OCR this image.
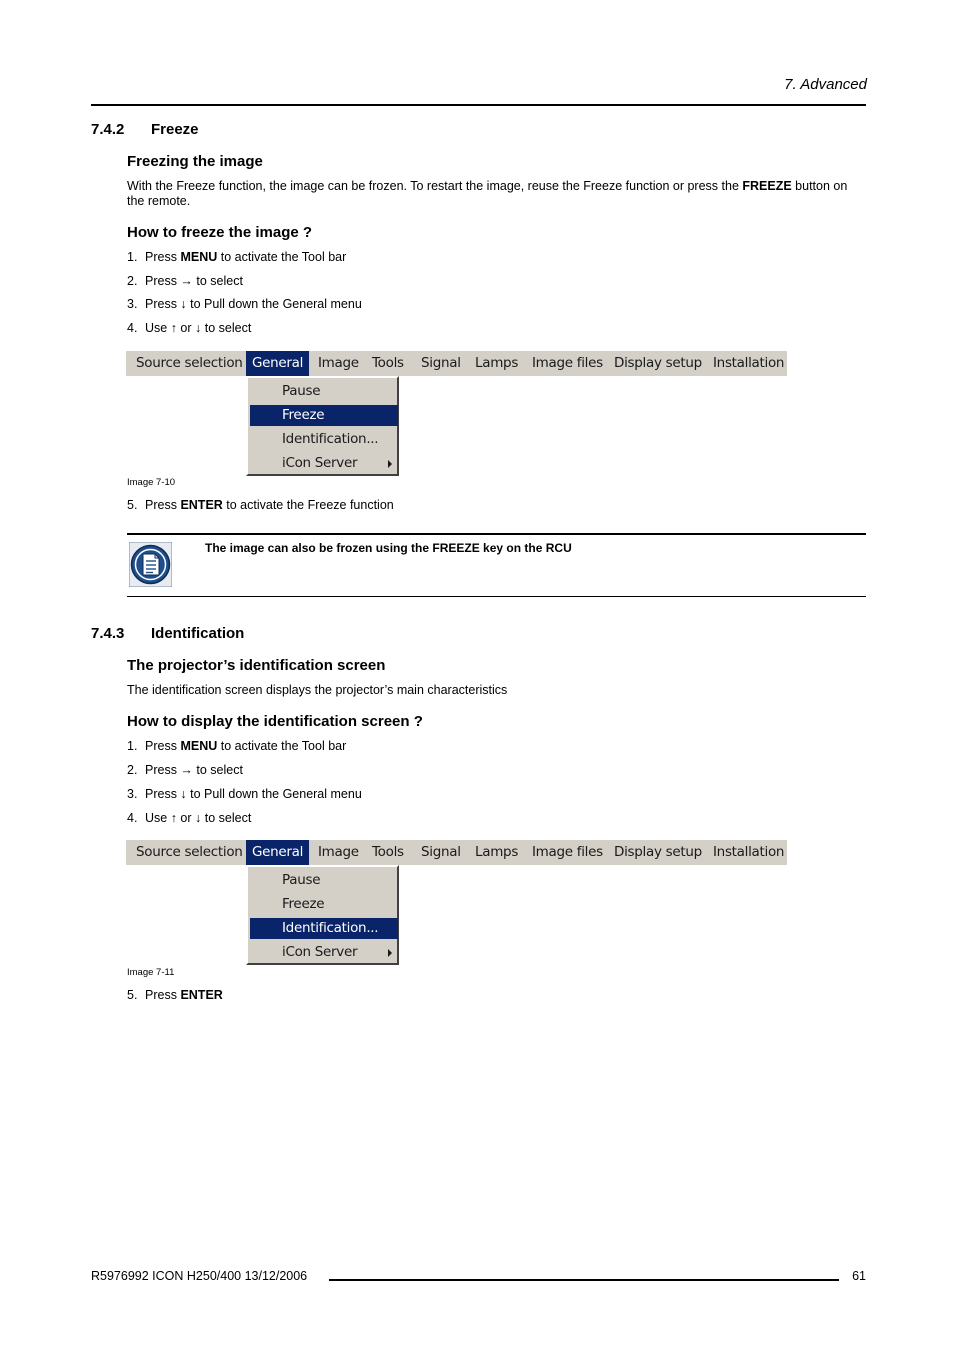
7. Advanced
7.4.2 Freeze
Freezing the image
With the Freeze function, the image can be frozen. To restart the image, reuse the Freeze function or press the FREEZE button on the remote.
How to freeze the image ?
1. Press MENU to activate the Tool bar
2. Press → to select
3. Press ↓ to Pull down the General menu
4. Use ↑ or ↓ to select
Source selection General	Image Tools Signal Lamps Image files Display setup Installation
Pause
Freeze
Identification...
iCon Server
Image 7-10
5. Press ENTER to activate the Freeze function
The image can also be frozen using the FREEZE key on the RCU
7.4.3 Identification
The projector’s identification screen
The identification screen displays the projector’s main characteristics
How to display the identification screen ?
1. Press MENU to activate the Tool bar
2. Press → to select
3. Press ↓ to Pull down the General menu
4. Use ↑ or ↓ to select
Source selection General	Image Tools Signal Lamps Image files Display setup Installation
Pause
Freeze
Identification...
iCon Server
Image 7-11
5. Press ENTER
R5976992 ICON H250/400 13/12/2006	61
